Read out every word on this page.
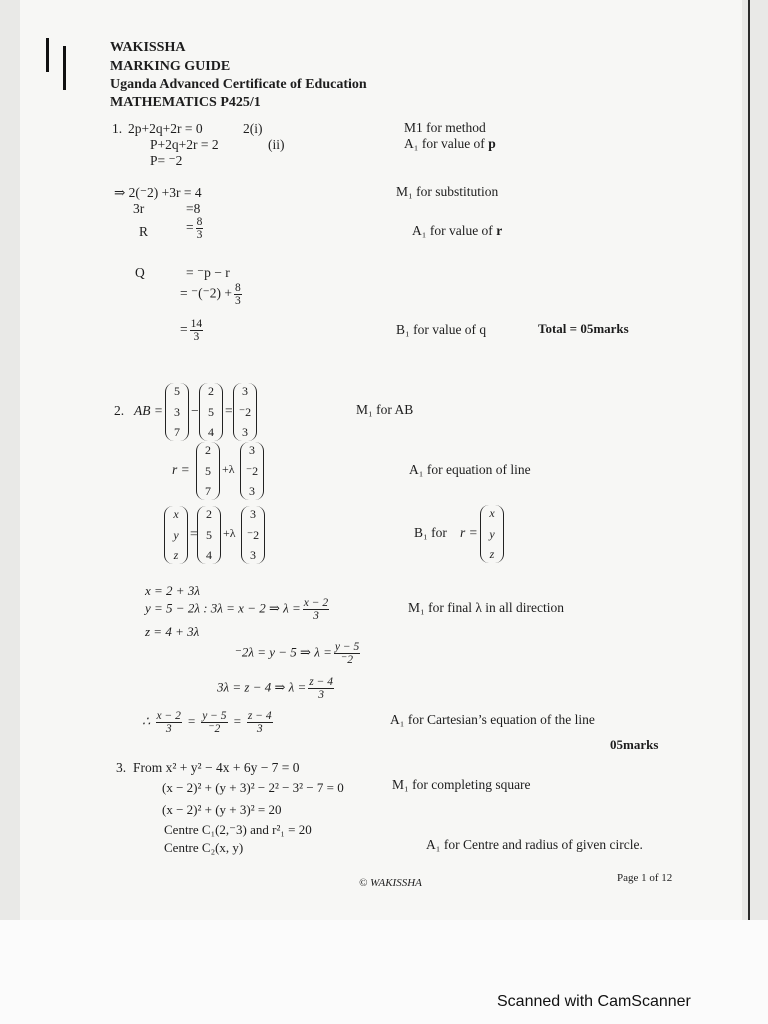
WAKISSHA
MARKING GUIDE
Uganda Advanced Certificate of Education
MATHEMATICS P425/1
1. 2p+2q+2r = 0	2(i)
P+2q+2r = 2	(ii)
P= ⁻2
M1 for method
A₁ for value of p
⇒ 2(⁻2) +3r = 4
3r	=8
M₁ for substitution
R	= $\frac{8}{3}$	A₁ for value of r
Q	= ⁻p − r
= $^-(^-2) + \frac{8}{3}$
= $\frac{14}{3}$	B₁ for value of q	Total = 05marks
2. AB =
5
3
7
−
2
5
4
=
3
⁻2
3
M₁ for AB
r =
2
5
7
+λ
3
⁻2
3
A₁ for equation of line
x
y
z
=
2
5
4
+λ
3
⁻2
3
B₁ for r =
x
y
z
x = 2 + 3λ
y = 5 − 2λ : 3λ = x − 2 ⇒ $\lambda = \frac{x - 2}{3}$
z = 4 + 3λ
M₁ for final λ in all direction
⁻2λ = y − 5 ⇒ $\lambda = \frac{y - 5}{^-2}$
3λ = z − 4 ⇒ $\lambda = \frac{z - 4}{3}$
∴ $\frac{x - 2}{3} = \frac{y - 5}{^-2} = \frac{z - 4}{3}$	A₁ for Cartesian’s equation of the line
05marks
3. From x² + y² − 4x + 6y − 7 = 0
(x − 2)² + (y + 3)² − 2² − 3² − 7 = 0	M₁ for completing square
(x − 2)² + (y + 3)² = 20
Centre C₁(2,⁻3) and r²₁ = 20
Centre C₂(x, y)	A₁ for Centre and radius of given circle.
© WAKISSHA	Page 1 of 12
Scanned with CamScanner
